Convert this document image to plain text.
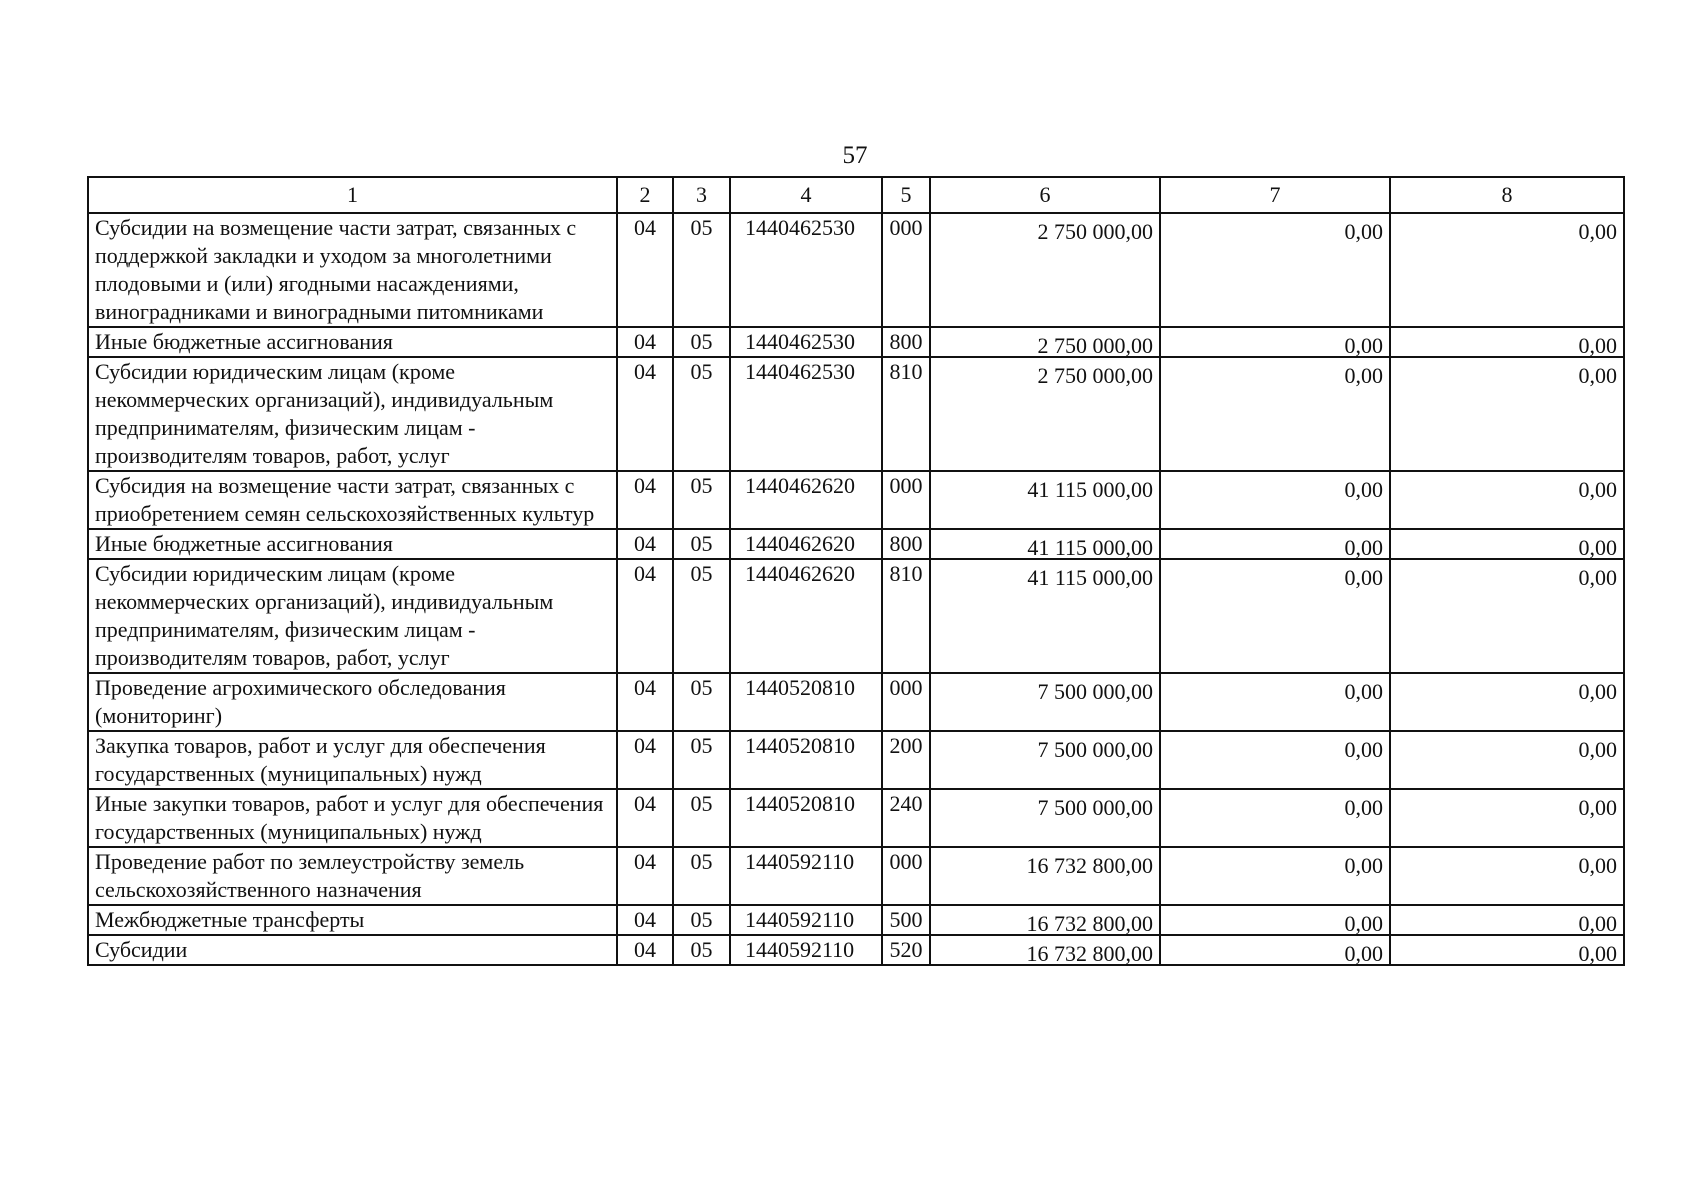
57
1	2	3	4	5	6	7	8
Субсидии на возмещение части затрат, связанных с поддержкой закладки и уходом за многолетними плодовыми и (или) ягодными насаждениями, виноградниками и виноградными питомниками	04	05	1440462530	000	2 750 000,00	0,00	0,00

Иные бюджетные ассигнования	04	05	1440462530	800	2 750 000,00	0,00	0,00

Субсидии юридическим лицам (кроме некоммерческих организаций), индивидуальным предпринимателям, физическим лицам - производителям товаров, работ, услуг	04	05	1440462530	810	2 750 000,00	0,00	0,00

Субсидия на возмещение части затрат, связанных с приобретением семян сельскохозяйственных культур	04	05	1440462620	000	41 115 000,00	0,00	0,00

Иные бюджетные ассигнования	04	05	1440462620	800	41 115 000,00	0,00	0,00

Субсидии юридическим лицам (кроме некоммерческих организаций), индивидуальным предпринимателям, физическим лицам - производителям товаров, работ, услуг	04	05	1440462620	810	41 115 000,00	0,00	0,00

Проведение агрохимического обследования (мониторинг)	04	05	1440520810	000	7 500 000,00	0,00	0,00

Закупка товаров, работ и услуг для обеспечения государственных (муниципальных) нужд	04	05	1440520810	200	7 500 000,00	0,00	0,00

Иные закупки товаров, работ и услуг для обеспечения государственных (муниципальных) нужд	04	05	1440520810	240	7 500 000,00	0,00	0,00

Проведение работ по землеустройству земель сельскохозяйственного назначения	04	05	1440592110	000	16 732 800,00	0,00	0,00

Межбюджетные трансферты	04	05	1440592110	500	16 732 800,00	0,00	0,00

Субсидии	04	05	1440592110	520	16 732 800,00	0,00	0,00
